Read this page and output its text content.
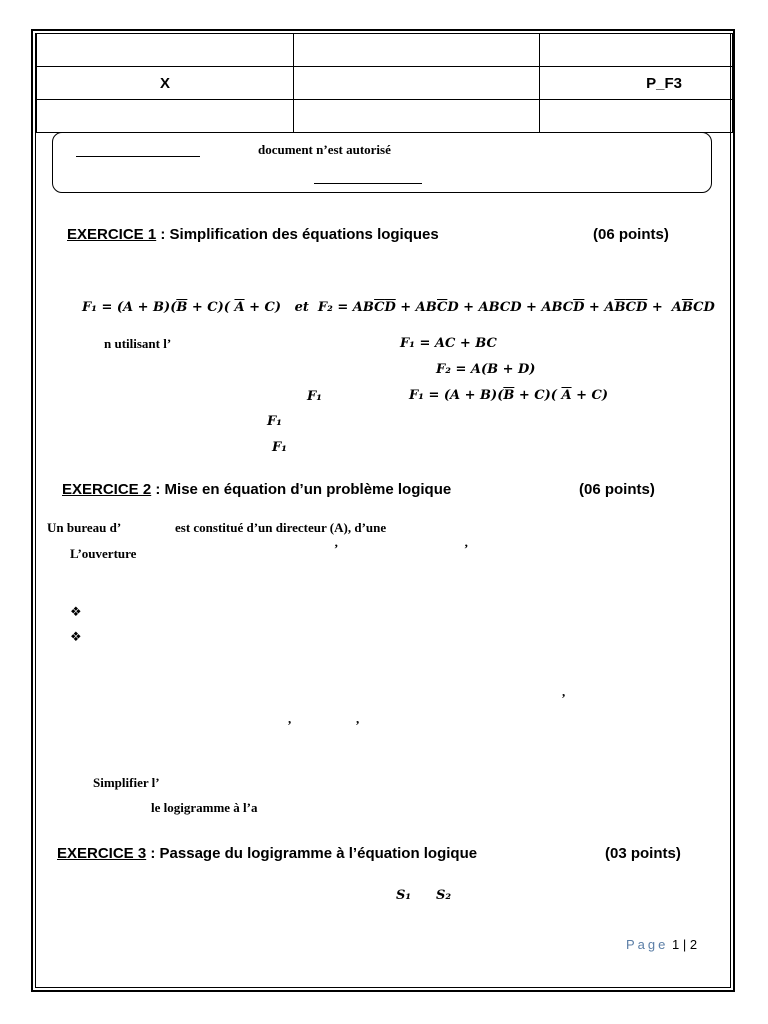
X		P_F3

document n’est autorisé
EXERCICE 1 : Simplification des équations logiques	(06 points)
$F_1 = (A + B)(\overline{B} + C)$( $\overline{A} + C$)   et  $F_2 = AB\overline{C}\overline{D} + AB\overline{C}D$ + ABCD + $ABC\overline{D} + A\overline{B}\overline{C}\overline{D} + A\overline{B}CD$
n utilisant l’	F₁ = AC + BC
F₂ = A(B + D)
F₁	$F_1 = (A + B)(\overline{B} + C)$( $\overline{A} + C$)
F₁
F₁
EXERCICE 2 : Mise en équation d’un problème logique	(06 points)
Un bureau d’	est constitué d’un directeur (A), d’une
L’ouverture	’	’
❖
❖
,
,	,
Simplifier l’
le logigramme à l’a
EXERCICE 3 : Passage du logigramme à l’équation logique	(03 points)
S₁ S₂
Page 1 | 2
